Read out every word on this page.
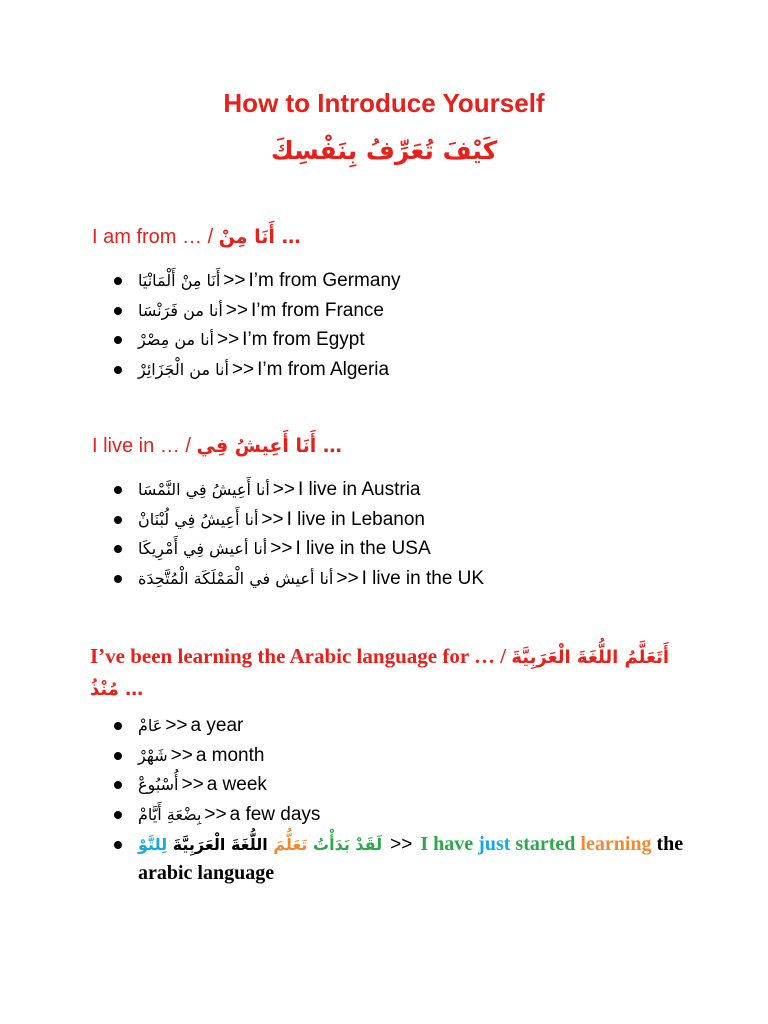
How to Introduce Yourself
كَيْفَ تُعَرِّفُ بِنَفْسِكَ
I am from … / أَنَا مِنْ …
أَنَا مِنْ أَلْمَانْيَا >> I’m from Germany
أنا من فَرَنْسَا >> I’m from France
أنا من مِصْرْ >> I’m from Egypt
أنا من الْجَزَائِرْ >> I’m from Algeria
I live in … / أَنَا أَعِيشُ فِي …
أنا أَعِيشُ فِي النَّمْسَا >> I live in Austria
أنا أَعِيشُ فِي لُبْنَانْ >> I live in Lebanon
أنا أعيش فِي أَمْرِيكَا >> I live in the USA
أنا أعيش في الْمَمْلَكَة الْمُتَّحِدَة >> I live in the UK
I’ve been learning the Arabic language for … / أَتَعَلَّمُ اللُّغَةَ الْعَرَبِيَّةَ مُنْذُ …
عَامْ >> a year
شَهْرْ >> a month
أُسْبُوعْ >> a week
بِضْعَةِ أَيَّامْ >> a few days
لَقَدْ بَدَأْتُ تَعَلُّمَ اللُّغَةَ الْعَرَبِيَّةَ لِلتَّوْ	>> I have just started learning the arabic language
